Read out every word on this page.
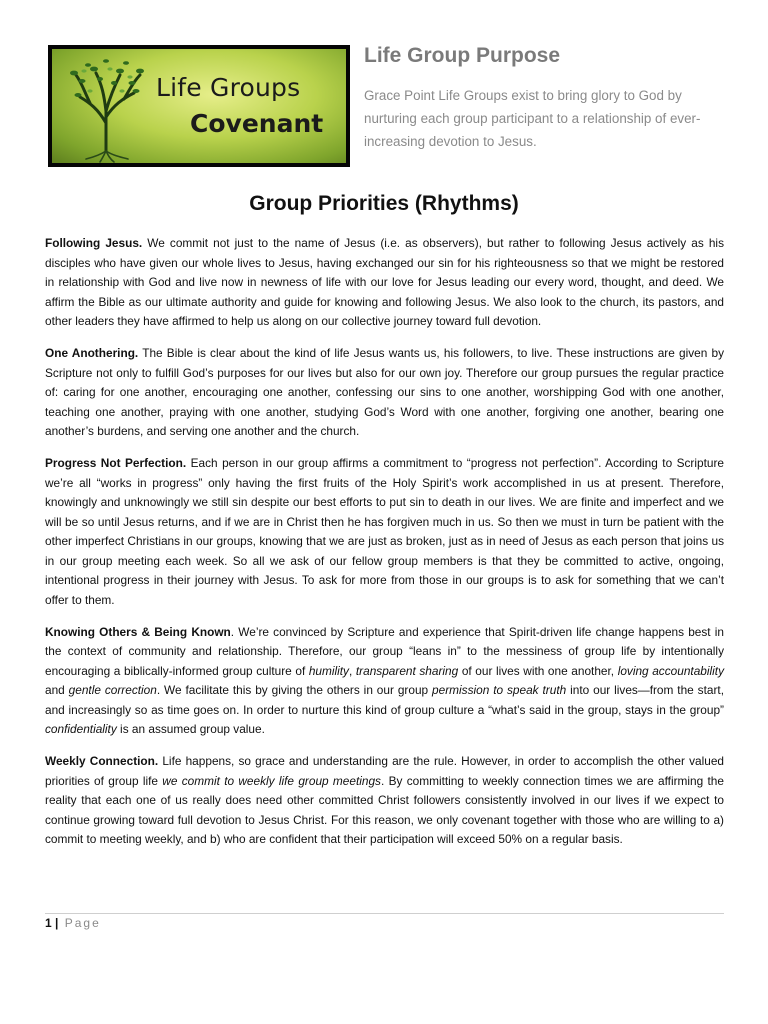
Life Groups
Covenant
Life Group Purpose

Grace Point Life Groups exist to bring glory to God by nurturing each group participant to a relationship of ever-increasing devotion to Jesus.

Group Priorities (Rhythms)

Following Jesus. We commit not just to the name of Jesus (i.e. as observers), but rather to following Jesus actively as his disciples who have given our whole lives to Jesus, having exchanged our sin for his righteousness so that we might be restored in relationship with God and live now in newness of life with our love for Jesus leading our every word, thought, and deed. We affirm the Bible as our ultimate authority and guide for knowing and following Jesus. We also look to the church, its pastors, and other leaders they have affirmed to help us along on our collective journey toward full devotion.

One Anothering. The Bible is clear about the kind of life Jesus wants us, his followers, to live. These instructions are given by Scripture not only to fulfill God’s purposes for our lives but also for our own joy. Therefore our group pursues the regular practice of: caring for one another, encouraging one another, confessing our sins to one another, worshipping God with one another, teaching one another, praying with one another, studying God’s Word with one another, forgiving one another, bearing one another’s burdens, and serving one another and the church.

Progress Not Perfection. Each person in our group affirms a commitment to “progress not perfection”. According to Scripture we’re all “works in progress” only having the first fruits of the Holy Spirit’s work accomplished in us at present. Therefore, knowingly and unknowingly we still sin despite our best efforts to put sin to death in our lives. We are finite and imperfect and we will be so until Jesus returns, and if we are in Christ then he has forgiven much in us. So then we must in turn be patient with the other imperfect Christians in our groups, knowing that we are just as broken, just as in need of Jesus as each person that joins us in our group meeting each week. So all we ask of our fellow group members is that they be committed to active, ongoing, intentional progress in their journey with Jesus. To ask for more from those in our groups is to ask for something that we can’t offer to them.

Knowing Others & Being Known. We’re convinced by Scripture and experience that Spirit-driven life change happens best in the context of community and relationship. Therefore, our group “leans in” to the messiness of group life by intentionally encouraging a biblically-informed group culture of humility, transparent sharing of our lives with one another, loving accountability and gentle correction. We facilitate this by giving the others in our group permission to speak truth into our lives—from the start, and increasingly so as time goes on. In order to nurture this kind of group culture a “what’s said in the group, stays in the group” confidentiality is an assumed group value.

Weekly Connection. Life happens, so grace and understanding are the rule. However, in order to accomplish the other valued priorities of group life we commit to weekly life group meetings. By committing to weekly connection times we are affirming the reality that each one of us really does need other committed Christ followers consistently involved in our lives if we expect to continue growing toward full devotion to Jesus Christ. For this reason, we only covenant together with those who are willing to a) commit to meeting weekly, and b) who are confident that their participation will exceed 50% on a regular basis.

1 | Page
